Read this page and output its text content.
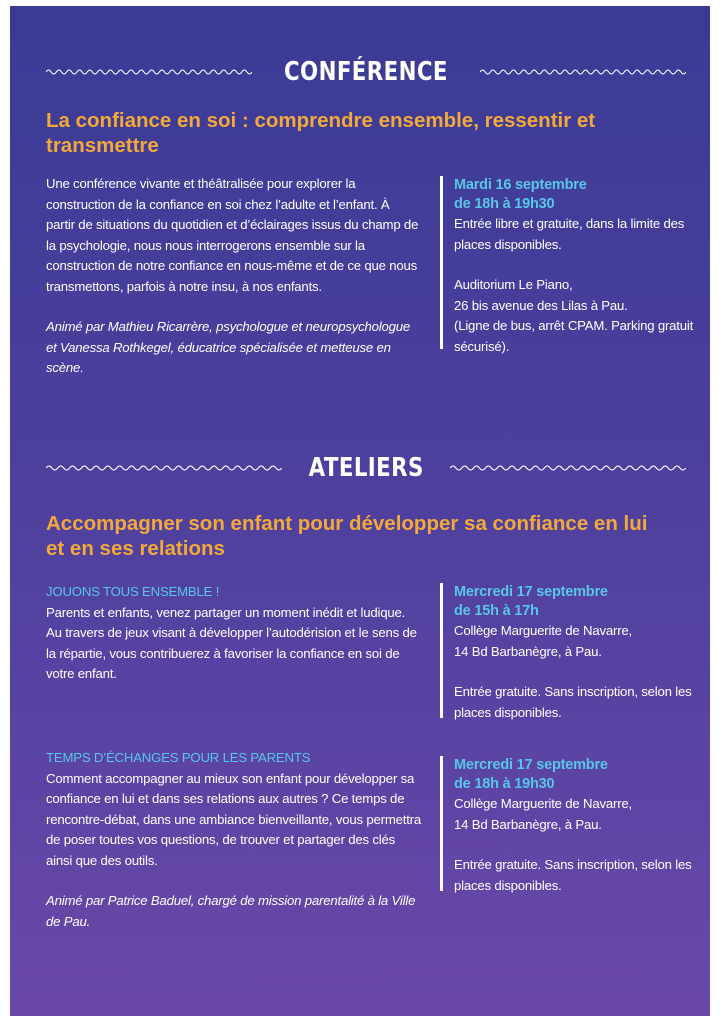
CONFÉRENCE
La confiance en soi : comprendre ensemble, ressentir et transmettre

Une conférence vivante et théâtralisée pour explorer la construction de la confiance en soi chez l’adulte et l’enfant. À partir de situations du quotidien et d’éclairages issus du champ de la psychologie, nous nous interrogerons ensemble sur la construction de notre confiance en nous-même et de ce que nous transmettons, parfois à notre insu, à nos enfants.

Animé par Mathieu Ricarrère, psychologue et neuropsychologue et Vanessa Rothkegel, éducatrice spécialisée et metteuse en scène.

Mardi 16 septembre
de 18h à 19h30

Entrée libre et gratuite, dans la limite des places disponibles.

Auditorium Le Piano,

26 bis avenue des Lilas à Pau.

(Ligne de bus, arrêt CPAM. Parking gratuit sécurisé).

ATELIERS
Accompagner son enfant pour développer sa confiance en lui et en ses relations

JOUONS TOUS ENSEMBLE !

Parents et enfants, venez partager un moment inédit et ludique. Au travers de jeux visant à développer l’autodérision et le sens de la répartie, vous contribuerez à favoriser la confiance en soi de votre enfant.

Mercredi 17 septembre
de 15h à 17h

Collège Marguerite de Navarre,

14 Bd Barbanègre, à Pau.

Entrée gratuite. Sans inscription, selon les places disponibles.

TEMPS D’ÉCHANGES POUR LES PARENTS

Comment accompagner au mieux son enfant pour développer sa confiance en lui et dans ses relations aux autres ? Ce temps de rencontre-débat, dans une ambiance bienveillante, vous permettra de poser toutes vos questions, de trouver et partager des clés ainsi que des outils.

Animé par Patrice Baduel, chargé de mission parentalité à la Ville de Pau.

Mercredi 17 septembre
de 18h à 19h30

Collège Marguerite de Navarre,

14 Bd Barbanègre, à Pau.

Entrée gratuite. Sans inscription, selon les places disponibles.
